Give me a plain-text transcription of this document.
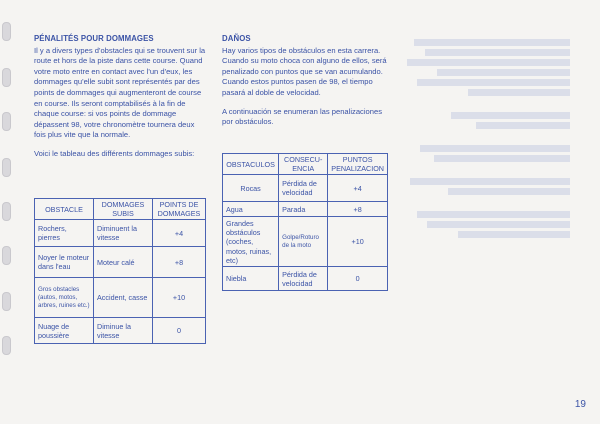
PÉNALITÉS POUR DOMMAGES

Il y a divers types d'obstacles qui se trouvent sur la route et hors de la piste dans cette course. Quand votre moto entre en contact avec l'un d'eux, les dommages qu'elle subit sont représentés par des points de dommages qui augmenteront de course en course. Ils seront comptabilisés à la fin de chaque course: si vos points de dommage dépassent 98, votre chronomètre tournera deux fois plus vite que la normale.

Voici le tableau des différents dommages subis:

OBSTACLE	DOMMAGES SUBIS	POINTS DE DOMMAGES
Rochers, pierres	Diminuent la vitesse	+4
Noyer le moteur dans l'eau	Moteur calé	+8
Gros obstacles (autos, motos, arbres, ruines etc.)	Accident, casse	+10
Nuage de poussière	Diminue la vitesse	0
DAÑOS

Hay varios tipos de obstáculos en esta carrera. Cuando su moto choca con alguno de ellos, será penalizado con puntos que se van acumulando. Cuando estos puntos pasen de 98, el tiempo pasará al doble de velocidad.

A continuación se enumeran las penalizaciones por obstáculos.

OBSTACULOS	CONSECU- ENCIA	PUNTOS PENALIZACION
Rocas	Pérdida de velocidad	+4
Agua	Parada	+8
Grandes obstáculos (coches, motos, ruinas, etc)	Golpe/Roturo de la moto	+10
Niebla	Pérdida de velocidad	0
19
